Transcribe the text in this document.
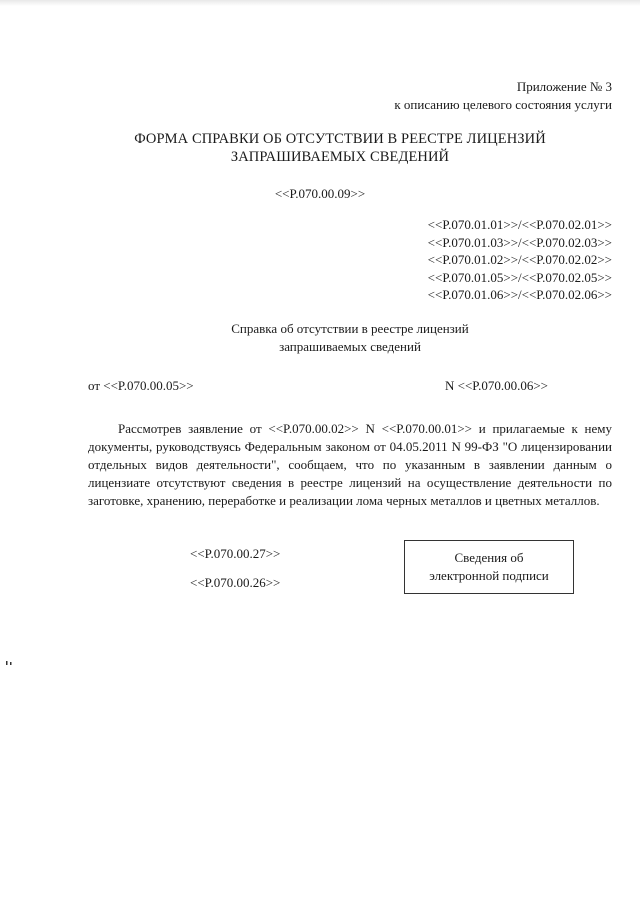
Приложение № 3
к описанию целевого состояния услуги
ФОРМА СПРАВКИ ОБ ОТСУТСТВИИ В РЕЕСТРЕ ЛИЦЕНЗИЙ
ЗАПРАШИВАЕМЫХ СВЕДЕНИЙ
<<P.070.00.09>>
<<P.070.01.01>>/<<P.070.02.01>>
<<P.070.01.03>>/<<P.070.02.03>>
<<P.070.01.02>>/<<P.070.02.02>>
<<P.070.01.05>>/<<P.070.02.05>>
<<P.070.01.06>>/<<P.070.02.06>>
Справка об отсутствии в реестре лицензий
запрашиваемых сведений
от <<P.070.00.05>>	N <<P.070.00.06>>
Рассмотрев заявление от <<P.070.00.02>> N <<P.070.00.01>> и прилагаемые к нему документы, руководствуясь Федеральным законом от 04.05.2011 N 99-ФЗ "О лицензировании отдельных видов деятельности", сообщаем, что по указанным в заявлении данным о лицензиате отсутствуют сведения в реестре лицензий на осуществление деятельности по заготовке, хранению, переработке и реализации лома черных металлов и цветных металлов.
<<P.070.00.27>>
<<P.070.00.26>>
Сведения об
электронной подписи
